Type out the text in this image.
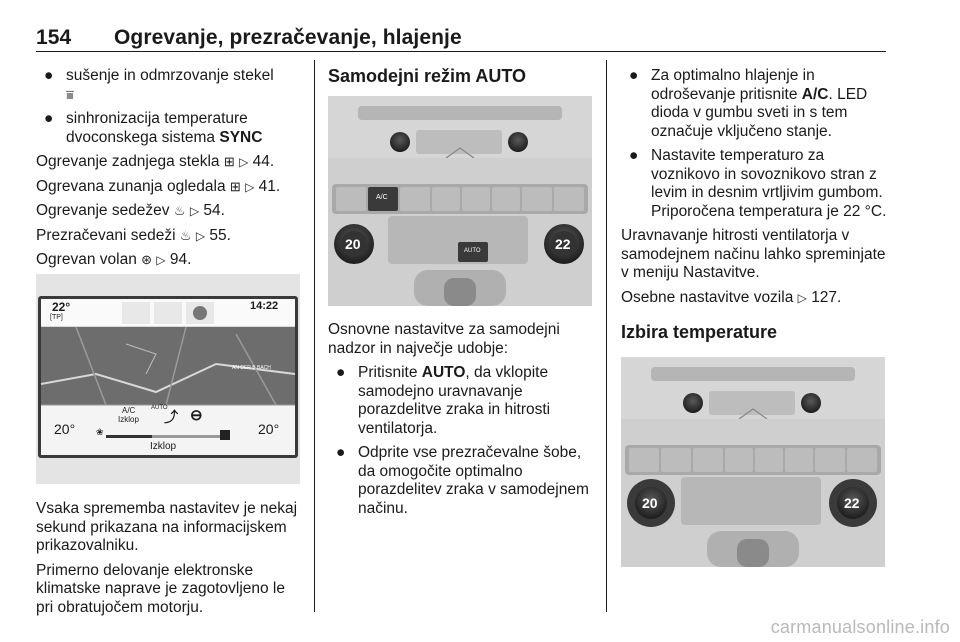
154 Ogrevanje, prezračevanje, hlajenje
● sušenje in odmrzovanje stekel
⩸
● sinhronizacija temperature dvoconskega sistema SYNC

Ogrevanje zadnjega stekla ⊞ ▷ 44.

Ogrevana zunanja ogledala ⊞ ▷ 41.

Ogrevanje sedežev ♨ ▷ 54.

Prezračevani sedeži ♨ ▷ 55.

Ogrevan volan ⊛ ▷ 94.

22°
[TP]
14:22
AN DER B BACH
A/C
Izklop
AUTO
⤴ ⊖
20° ❀	20°
Izklop

Vsaka sprememba nastavitev je nekaj sekund prikazana na informacijskem prikazovalniku.

Primerno delovanje elektronske klimatske naprave je zagotovljeno le pri obratujočem motorju.

Samodejni režim AUTO
A/C
AUTO
20	22

Osnovne nastavitve za samodejni nadzor in največje udobje:

● Pritisnite AUTO, da vklopite samodejno uravnavanje porazdelitve zraka in hitrosti ventilatorja.
● Odprite vse prezračevalne šobe, da omogočite optimalno porazdelitev zraka v samodejnem načinu.
● Za optimalno hlajenje in odroševanje pritisnite A/C. LED dioda v gumbu sveti in s tem označuje vključeno stanje.
● Nastavite temperaturo za voznikovo in sovoznikovo stran z levim in desnim vrtljivim gumbom. Priporočena temperatura je 22 °C.

Uravnavanje hitrosti ventilatorja v samodejnem načinu lahko spreminjate v meniju Nastavitve.

Osebne nastavitve vozila ▷ 127.

Izbira temperature
20	22
carmanualsonline.info
